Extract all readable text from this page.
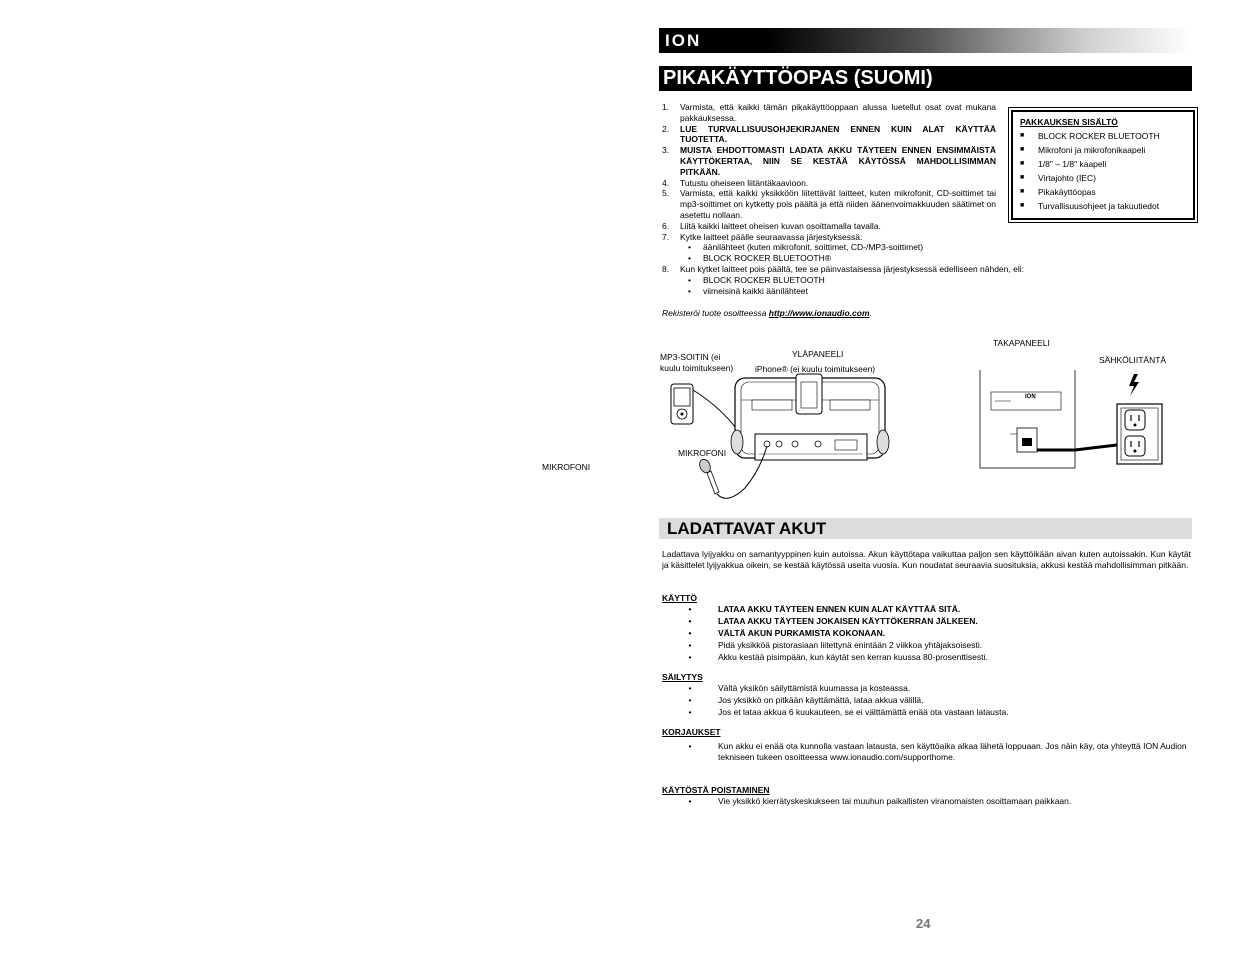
ION
PIKAKÄYTTÖOPAS (SUOMI)
1.	Varmista, että kaikki tämän pikakäyttöoppaan alussa luetellut osat ovat mukana pakkauksessa.
2.	LUE TURVALLISUUSOHJEKIRJANEN ENNEN KUIN ALAT KÄYTTÄÄ TUOTETTA.
3.	MUISTA EHDOTTOMASTI LADATA AKKU TÄYTEEN ENNEN ENSIMMÄISTÄ KÄYTTÖKERTAA, NIIN SE KESTÄÄ KÄYTÖSSÄ MAHDOLLISIMMAN PITKÄÄN.
4.	Tutustu oheiseen liitäntäkaavioon.
5.	Varmista, että kaikki yksikköön liitettävät laitteet, kuten mikrofonit, CD-soittimet tai mp3-soittimet on kytketty pois päältä ja että niiden äänenvoimakkuuden säätimet on asetettu nollaan.
6.	Liitä kaikki laitteet oheisen kuvan osoittamalla tavalla.
7.	Kytke laitteet päälle seuraavassa järjestyksessä:
•	äänilähteet (kuten mikrofonit, soittimet, CD-/MP3-soittimet)
•	BLOCK ROCKER BLUETOOTH®
8.	Kun kytket laitteet pois päältä, tee se päinvastaisessa järjestyksessä edelliseen nähden, eli:
•	BLOCK ROCKER BLUETOOTH
•	viimeisinä kaikki äänilähteet
PAKKAUKSEN SISÄLTÖ
■	BLOCK ROCKER BLUETOOTH
■	Mikrofoni ja mikrofonikaapeli
■	1/8" – 1/8" kaapeli
■	Virtajohto (IEC)
■	Pikakäyttöopas
■	Turvallisuusohjeet ja takuutiedot
Rekisteröi tuote osoitteessa http://www.ionaudio.com.
TAKAPANEELI
SÄHKÖLIITÄNTÄ
MP3-SOITIN (ei
kuulu toimitukseen)
YLÄPANEELI
iPhone® (ei kuulu toimitukseen)
MIKROFONI
MIKROFONI
ION
LADATTAVAT AKUT
Ladattava lyijyakku on samantyyppinen kuin autoissa. Akun käyttötapa vaikuttaa paljon sen käyttöikään aivan kuten autoissakin. Kun käytät ja käsittelet lyijyakkua oikein, se kestää käytössä useita vuosia. Kun noudatat seuraavia suosituksia, akkusi kestää mahdollisimman pitkään.
KÄYTTÖ
•	LATAA AKKU TÄYTEEN ENNEN KUIN ALAT KÄYTTÄÄ SITÄ.
•	LATAA AKKU TÄYTEEN JOKAISEN KÄYTTÖKERRAN JÄLKEEN.
•	VÄLTÄ AKUN PURKAMISTA KOKONAAN.
•	Pidä yksikköä pistorasiaan liitettynä enintään 2 viikkoa yhtäjaksoisesti.
•	Akku kestää pisimpään, kun käytät sen kerran kuussa 80-prosenttisesti.
SÄILYTYS
•	Vältä yksikön säilyttämistä kuumassa ja kosteassa.
•	Jos yksikkö on pitkään käyttämättä, lataa akkua välillä.
•	Jos et lataa akkua 6 kuukauteen, se ei välttämättä enää ota vastaan latausta.
KORJAUKSET
•	Kun akku ei enää ota kunnolla vastaan latausta, sen käyttöaika alkaa lähetä loppuaan. Jos näin käy, ota yhteyttä ION Audion tekniseen tukeen osoitteessa www.ionaudio.com/supporthome.
KÄYTÖSTÄ POISTAMINEN
•	Vie yksikkö kierrätyskeskukseen tai muuhun paikallisten viranomaisten osoittamaan paikkaan.
24
